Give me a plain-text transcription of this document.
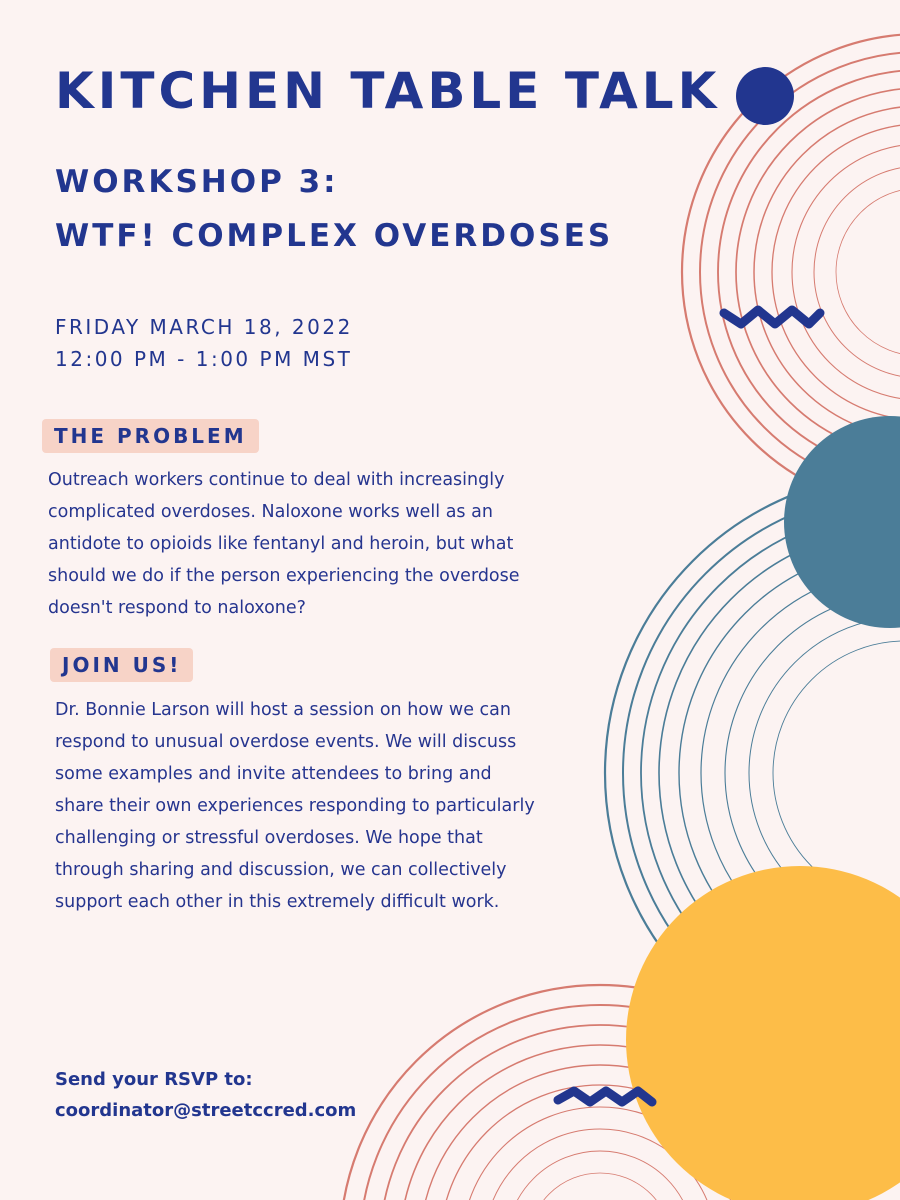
KITCHEN TABLE TALK
WORKSHOP 3:
WTF! COMPLEX OVERDOSES
FRIDAY MARCH 18, 2022
12:00 PM - 1:00 PM MST
THE PROBLEM
Outreach workers continue to deal with increasingly
complicated overdoses. Naloxone works well as an
antidote to opioids like fentanyl and heroin, but what
should we do if the person experiencing the overdose
doesn't respond to naloxone?
JOIN US!
Dr. Bonnie Larson will host a session on how we can
respond to unusual overdose events. We will discuss
some examples and invite attendees to bring and
share their own experiences responding to particularly
challenging or stressful overdoses. We hope that
through sharing and discussion, we can collectively
support each other in this extremely difficult work.
Send your RSVP to:
coordinator@streetccred.com
